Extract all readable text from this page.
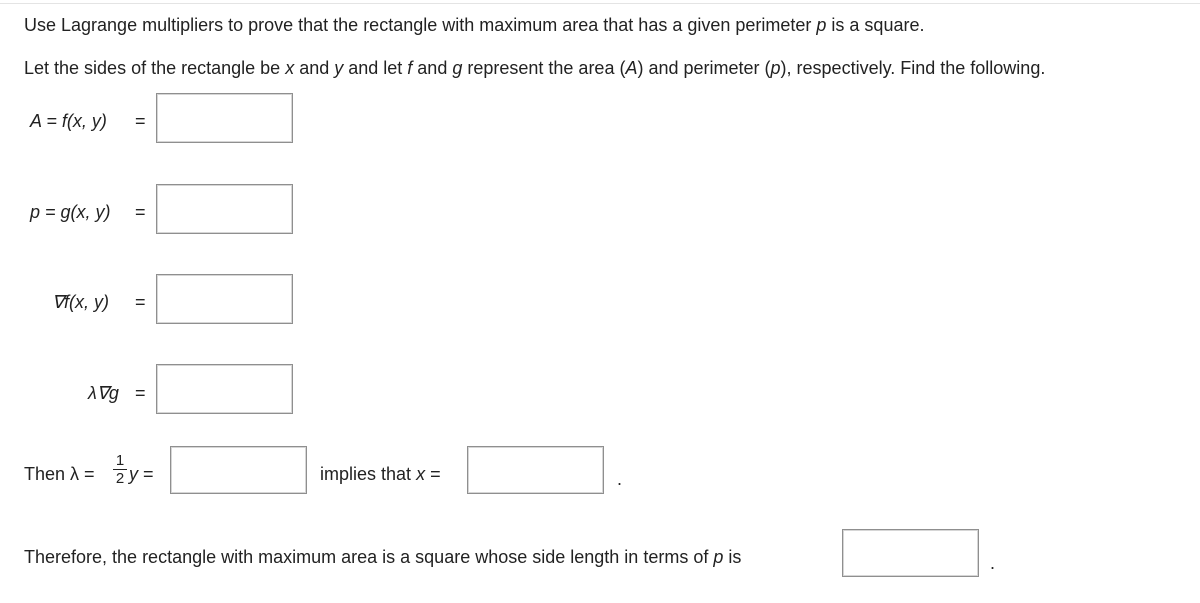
Use Lagrange multipliers to prove that the rectangle with maximum area that has a given perimeter p is a square.
Let the sides of the rectangle be x and y and let f and g represent the area (A) and perimeter (p), respectively. Find the following.
A = f(x, y) =
p = g(x, y) =
∇f(x, y) =
λ∇g =
Then λ =
1
2 y =	implies that x =	.
Therefore, the rectangle with maximum area is a square whose side length in terms of p is	.
